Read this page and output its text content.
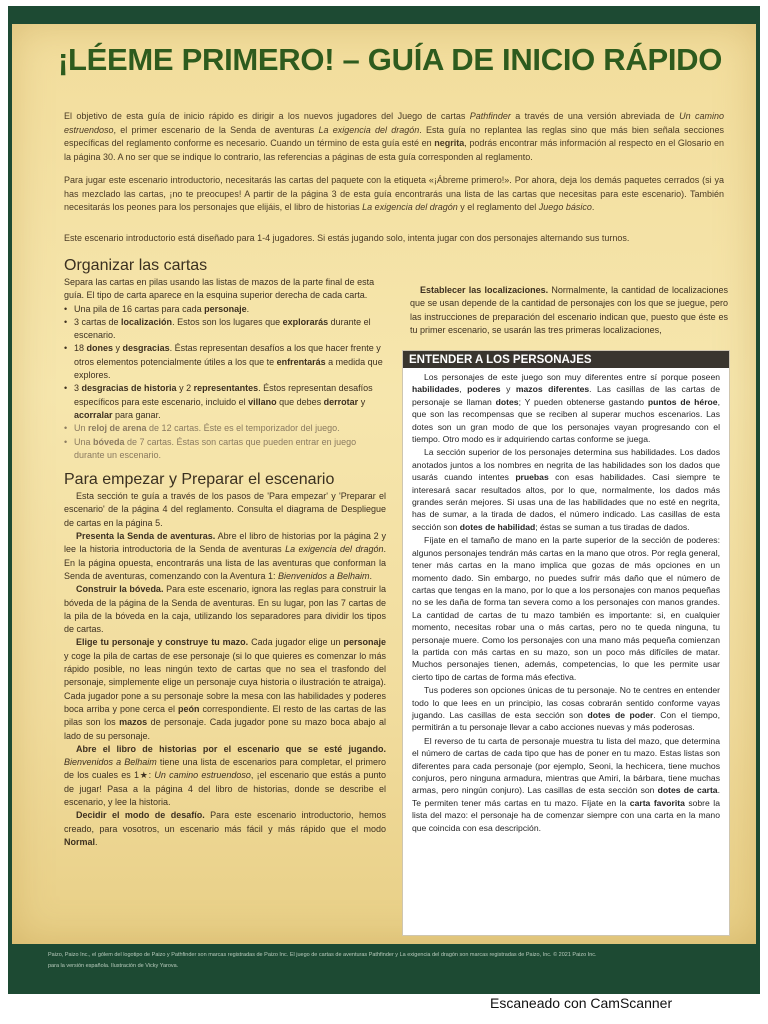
¡LÉEME PRIMERO! – GUÍA DE INICIO RÁPIDO
El objetivo de esta guía de inicio rápido es dirigir a los nuevos jugadores del Juego de cartas Pathfinder a través de una versión abreviada de Un camino estruendoso, el primer escenario de la Senda de aventuras La exigencia del dragón. Esta guía no replantea las reglas sino que más bien señala secciones específicas del reglamento conforme es necesario. Cuando un término de esta guía esté en negrita, podrás encontrar más información al respecto en el Glosario en la página 30. A no ser que se indique lo contrario, las referencias a páginas de esta guía corresponden al reglamento.
Para jugar este escenario introductorio, necesitarás las cartas del paquete con la etiqueta «¡Ábreme primero!». Por ahora, deja los demás paquetes cerrados (si ya has mezclado las cartas, ¡no te preocupes! A partir de la página 3 de esta guía encontrarás una lista de las cartas que necesitas para este escenario). También necesitarás los peones para los personajes que elijáis, el libro de historias La exigencia del dragón y el reglamento del Juego básico.
Este escenario introductorio está diseñado para 1-4 jugadores. Si estás jugando solo, intenta jugar con dos personajes alternando sus turnos.
Organizar las cartas

Separa las cartas en pilas usando las listas de mazos de la parte final de esta guía. El tipo de carta aparece en la esquina superior derecha de cada carta.

• Una pila de 16 cartas para cada personaje.
• 3 cartas de localización. Estos son los lugares que explorarás durante el escenario.
• 18 dones y desgracias. Éstas representan desafíos a los que hacer frente y otros elementos potencialmente útiles a los que te enfrentarás a medida que explores.
• 3 desgracias de historia y 2 representantes. Éstos representan desafíos específicos para este escenario, incluido el villano que debes derrotar y acorralar para ganar.
• Un reloj de arena de 12 cartas. Éste es el temporizador del juego.
• Una bóveda de 7 cartas. Éstas son cartas que pueden entrar en juego durante un escenario.
Para empezar y Preparar el escenario

Esta sección te guía a través de los pasos de 'Para empezar' y 'Preparar el escenario' de la página 4 del reglamento. Consulta el diagrama de Despliegue de cartas en la página 5.

Presenta la Senda de aventuras. Abre el libro de historias por la página 2 y lee la historia introductoria de la Senda de aventuras La exigencia del dragón. En la página opuesta, encontrarás una lista de las aventuras que conforman la Senda de aventuras, comenzando con la Aventura 1: Bienvenidos a Belhaim.

Construir la bóveda. Para este escenario, ignora las reglas para construir la bóveda de la página de la Senda de aventuras. En su lugar, pon las 7 cartas de la pila de la bóveda en la caja, utilizando los separadores para dividir los tipos de cartas.

Elige tu personaje y construye tu mazo. Cada jugador elige un personaje y coge la pila de cartas de ese personaje (si lo que quieres es comenzar lo más rápido posible, no leas ningún texto de cartas que no sea el trasfondo del personaje, simplemente elige un personaje cuya historia o ilustración te atraiga). Cada jugador pone a su personaje sobre la mesa con las habilidades y poderes boca arriba y pone cerca el peón correspondiente. El resto de las cartas de las pilas son los mazos de personaje. Cada jugador pone su mazo boca abajo al lado de su personaje.

Abre el libro de historias por el escenario que se esté jugando. Bienvenidos a Belhaim tiene una lista de escenarios para completar, el primero de los cuales es 1★: Un camino estruendoso, ¡el escenario que estás a punto de jugar! Pasa a la página 4 del libro de historias, donde se describe el escenario, y lee la historia.

Decidir el modo de desafío. Para este escenario introductorio, hemos creado, para vosotros, un escenario más fácil y más rápido que el modo Normal.

Establecer las localizaciones. Normalmente, la cantidad de localizaciones que se usan depende de la cantidad de personajes con los que se juegue, pero las instrucciones de preparación del escenario indican que, puesto que éste es tu primer escenario, se usarán las tres primeras localizaciones,
ENTENDER A LOS PERSONAJES

Los personajes de este juego son muy diferentes entre sí porque poseen habilidades, poderes y mazos diferentes. Las casillas de las cartas de personaje se llaman dotes; Y pueden obtenerse gastando puntos de héroe, que son las recompensas que se reciben al superar muchos escenarios. Las dotes son un gran modo de que los personajes vayan progresando con el tiempo. Otro modo es ir adquiriendo cartas conforme se juega.

La sección superior de los personajes determina sus habilidades. Los dados anotados juntos a los nombres en negrita de las habilidades son los dados que usarás cuando intentes pruebas con esas habilidades. Casi siempre te interesará sacar resultados altos, por lo que, normalmente, los dados más grandes serán mejores. Si usas una de las habilidades que no esté en negrita, has de sumar, a la tirada de dados, el número indicado. Las casillas de esta sección son dotes de habilidad; éstas se suman a tus tiradas de dados.

Fíjate en el tamaño de mano en la parte superior de la sección de poderes: algunos personajes tendrán más cartas en la mano que otros. Por regla general, tener más cartas en la mano implica que gozas de más opciones en un momento dado. Sin embargo, no puedes sufrir más daño que el número de cartas que tengas en la mano, por lo que a los personajes con manos pequeñas no se les daña de forma tan severa como a los personajes con manos grandes. La cantidad de cartas de tu mazo también es importante: si, en cualquier momento, necesitas robar una o más cartas, pero no te queda ninguna, tu personaje muere. Como los personajes con una mano más pequeña comienzan la partida con más cartas en su mazo, son un poco más difíciles de matar. Muchos personajes tienen, además, competencias, lo que les permite usar cierto tipo de cartas de forma más efectiva.

Tus poderes son opciones únicas de tu personaje. No te centres en entender todo lo que lees en un principio, las cosas cobrarán sentido conforme vayas jugando. Las casillas de esta sección son dotes de poder. Con el tiempo, permitirán a tu personaje llevar a cabo acciones nuevas y más poderosas.

El reverso de tu carta de personaje muestra tu lista del mazo, que determina el número de cartas de cada tipo que has de poner en tu mazo. Estas listas son diferentes para cada personaje (por ejemplo, Seoni, la hechicera, tiene muchos conjuros, pero ninguna armadura, mientras que Amiri, la bárbara, tiene muchas armas, pero ningún conjuro). Las casillas de esta sección son dotes de carta. Te permiten tener más cartas en tu mazo. Fíjate en la carta favorita sobre la lista del mazo: el personaje ha de comenzar siempre con una carta en la mano que coincida con esa descripción.

Paizo, Paizo Inc., el gólem del logotipo de Paizo y Pathfinder son marcas registradas de Paizo Inc. El juego de cartas de aventuras Pathfinder y La exigencia del dragón son marcas registradas de Paizo, Inc. © 2021 Paizo Inc.
para la versión española. Ilustración de Vicky Yarova.
Escaneado con CamScanner
